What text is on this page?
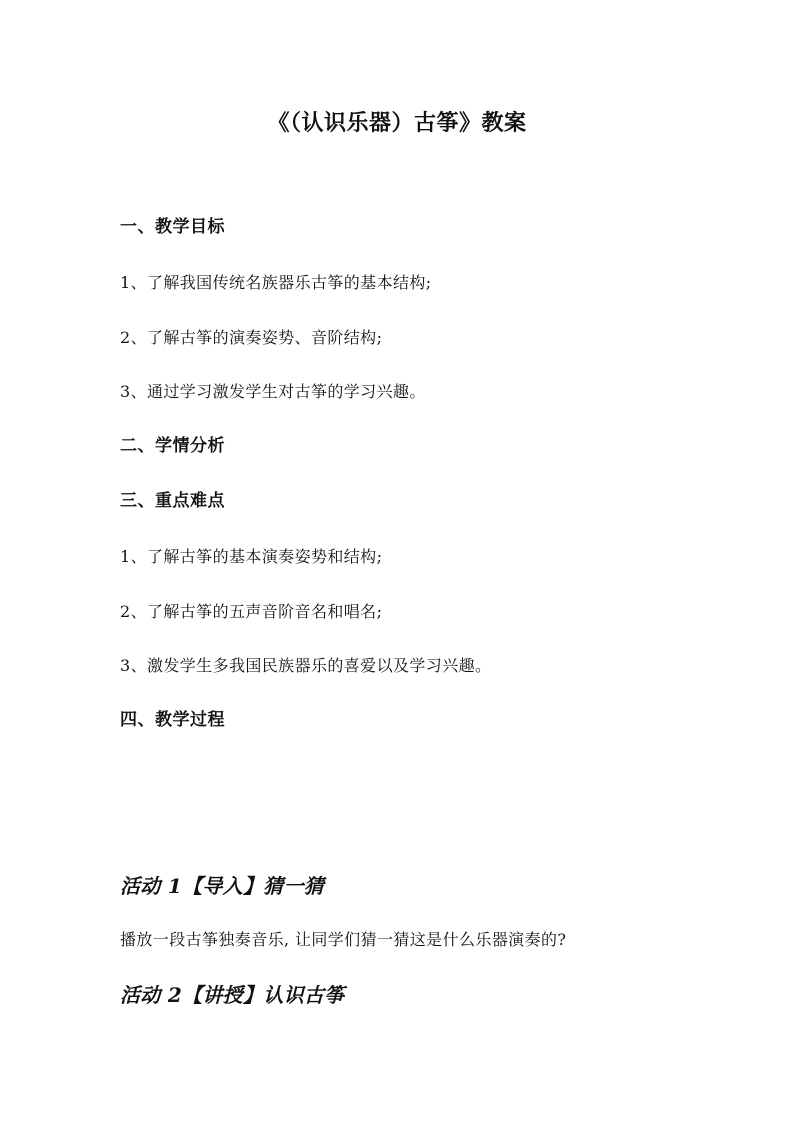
《（认识乐器）古筝》教案
一、教学目标
1、了解我国传统名族器乐古筝的基本结构;
2、了解古筝的演奏姿势、音阶结构;
3、通过学习激发学生对古筝的学习兴趣。
二、学情分析
三、重点难点
1、了解古筝的基本演奏姿势和结构;
2、了解古筝的五声音阶音名和唱名;
3、激发学生多我国民族器乐的喜爱以及学习兴趣。
四、教学过程
活动 1【导入】猜一猜
播放一段古筝独奏音乐, 让同学们猜一猜这是什么乐器演奏的?
活动 2【讲授】认识古筝
